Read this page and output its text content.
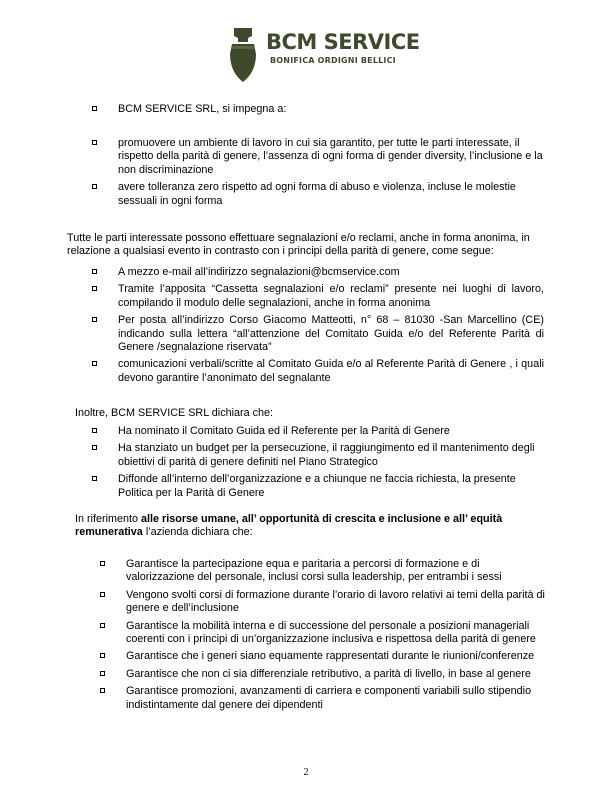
BCM SERVICE
BONIFICA ORDIGNI BELLICI
BCM SERVICE SRL, si impegna a:
promuovere un ambiente di lavoro in cui sia garantito, per tutte le parti interessate, il rispetto della parità di genere, l’assenza di ogni forma di gender diversity, l’inclusione e la non discriminazione
avere tolleranza zero rispetto ad ogni forma di abuso e violenza, incluse le molestie sessuali in ogni forma
Tutte le parti interessate possono effettuare segnalazioni e/o reclami, anche in forma anonima, in relazione a qualsiasi evento in contrasto con i principi della parità di genere, come segue:
A mezzo e-mail all’indirizzo segnalazioni@bcmservice.com
Tramite l’apposita “Cassetta segnalazioni e/o reclami” presente nei luoghi di lavoro, compilando il modulo delle segnalazioni, anche in forma anonima
Per posta all’indirizzo Corso Giacomo Matteotti, n° 68 – 81030 -San Marcellino (CE) indicando sulla lettera “all’attenzione del Comitato Guida e/o del Referente Parità di Genere /segnalazione riservata”
comunicazioni verbali/scritte al Comitato Guida e/o al Referente Parità di Genere , i quali devono garantire l’anonimato del segnalante
Inoltre, BCM SERVICE SRL dichiara che:
Ha nominato il Comitato Guida ed il Referente per la Parità di Genere
Ha stanziato un budget per la persecuzione, il raggiungimento ed il mantenimento degli obiettivi di parità di genere definiti nel Piano Strategico
Diffonde all’interno dell’organizzazione e a chiunque ne faccia richiesta, la presente Politica per la Parità di Genere
In riferimento alle risorse umane, all’ opportunità di crescita e inclusione e all’ equità remunerativa l’azienda dichiara che:
Garantisce la partecipazione equa e paritaria a percorsi di formazione e di valorizzazione del personale, inclusi corsi sulla leadership, per entrambi i sessi
Vengono svolti corsi di formazione durante l’orario di lavoro relativi ai temi della parità di genere e dell’inclusione
Garantisce la mobilità interna e di successione del personale a posizioni manageriali coerenti con i principi di un’organizzazione inclusiva e rispettosa della parità di genere
Garantisce che i generi siano equamente rappresentati durante le riunioni/conferenze
Garantisce che non ci sia differenziale retributivo, a parità di livello, in base al genere
Garantisce promozioni, avanzamenti di carriera e componenti variabili sullo stipendio indistintamente dal genere dei dipendenti
2
